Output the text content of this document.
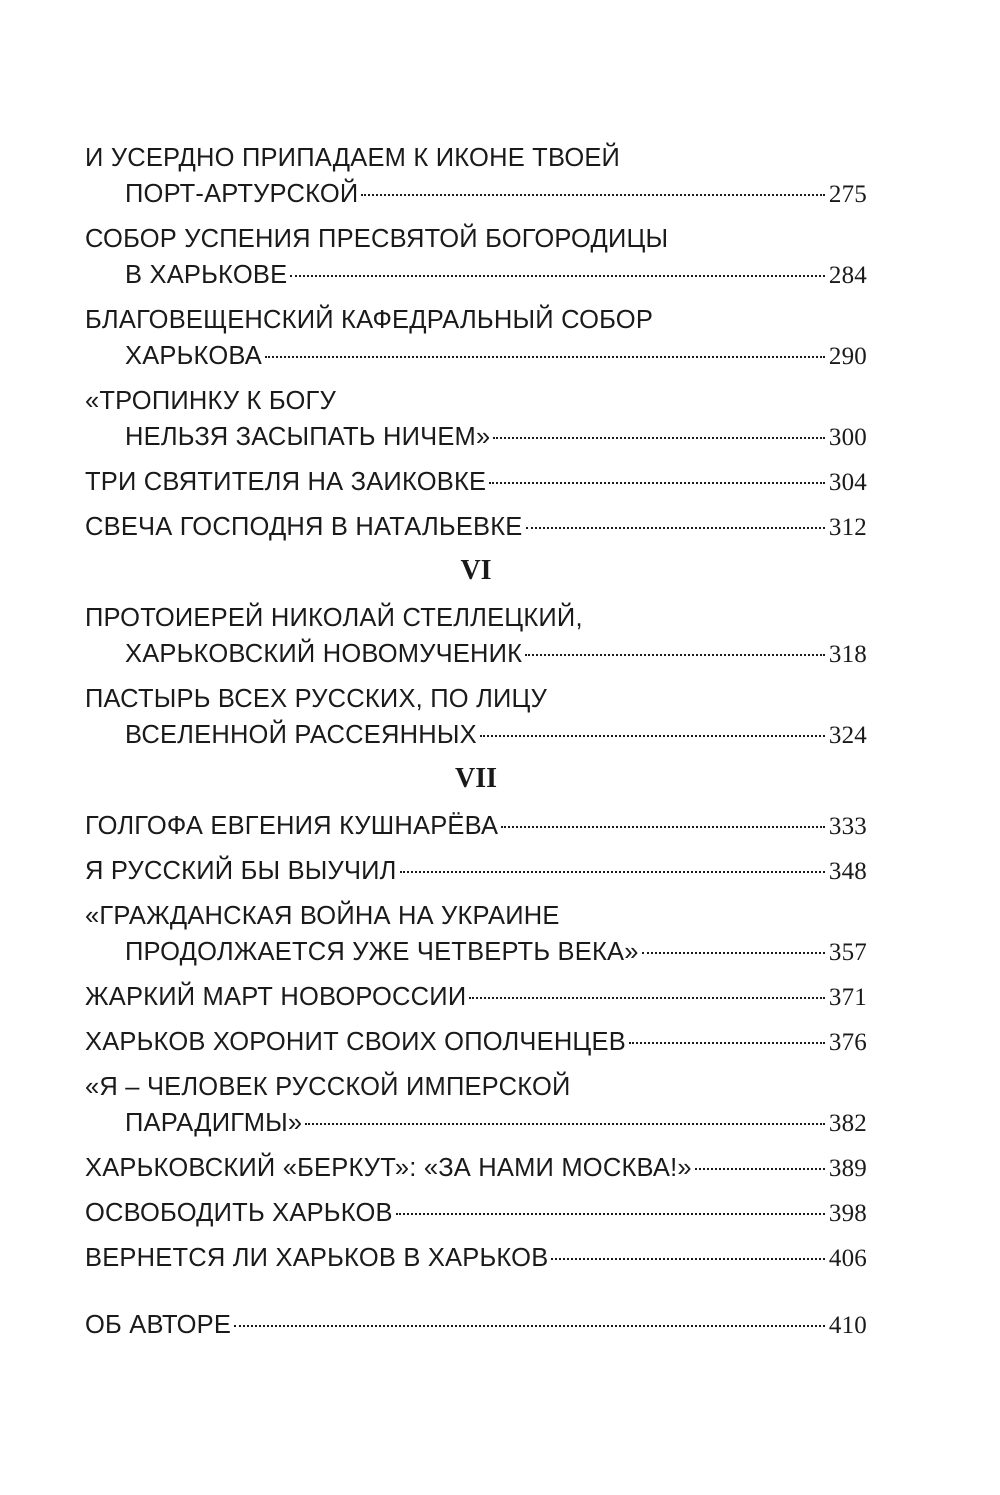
И УСЕРДНО ПРИПАДАЕМ К ИКОНЕ ТВОЕЙ
ПОРТ-АРТУРСКОЙ	275
СОБОР УСПЕНИЯ ПРЕСВЯТОЙ БОГОРОДИЦЫ
В ХАРЬКОВЕ	284
БЛАГОВЕЩЕНСКИЙ КАФЕДРАЛЬНЫЙ СОБОР
ХАРЬКОВА	290
«ТРОПИНКУ К БОГУ
НЕЛЬЗЯ ЗАСЫПАТЬ НИЧЕМ»	300
ТРИ СВЯТИТЕЛЯ НА ЗАИКОВКЕ	304
СВЕЧА ГОСПОДНЯ В НАТАЛЬЕВКЕ	312
VI
ПРОТОИЕРЕЙ НИКОЛАЙ СТЕЛЛЕЦКИЙ,
ХАРЬКОВСКИЙ НОВОМУЧЕНИК	318
ПАСТЫРЬ ВСЕХ РУССКИХ, ПО ЛИЦУ
ВСЕЛЕННОЙ РАССЕЯННЫХ	324
VII
ГОЛГОФА ЕВГЕНИЯ КУШНАРЁВА	333
Я РУССКИЙ БЫ ВЫУЧИЛ	348
«ГРАЖДАНСКАЯ ВОЙНА НА УКРАИНЕ
ПРОДОЛЖАЕТСЯ УЖЕ ЧЕТВЕРТЬ ВЕКА»	357
ЖАРКИЙ МАРТ НОВОРОССИИ	371
ХАРЬКОВ ХОРОНИТ СВОИХ ОПОЛЧЕНЦЕВ	376
«Я – ЧЕЛОВЕК РУССКОЙ ИМПЕРСКОЙ
ПАРАДИГМЫ»	382
ХАРЬКОВСКИЙ «БЕРКУТ»: «ЗА НАМИ МОСКВА!»	389
ОСВОБОДИТЬ ХАРЬКОВ	398
ВЕРНЕТСЯ ЛИ ХАРЬКОВ В ХАРЬКОВ	406
ОБ АВТОРЕ	410
